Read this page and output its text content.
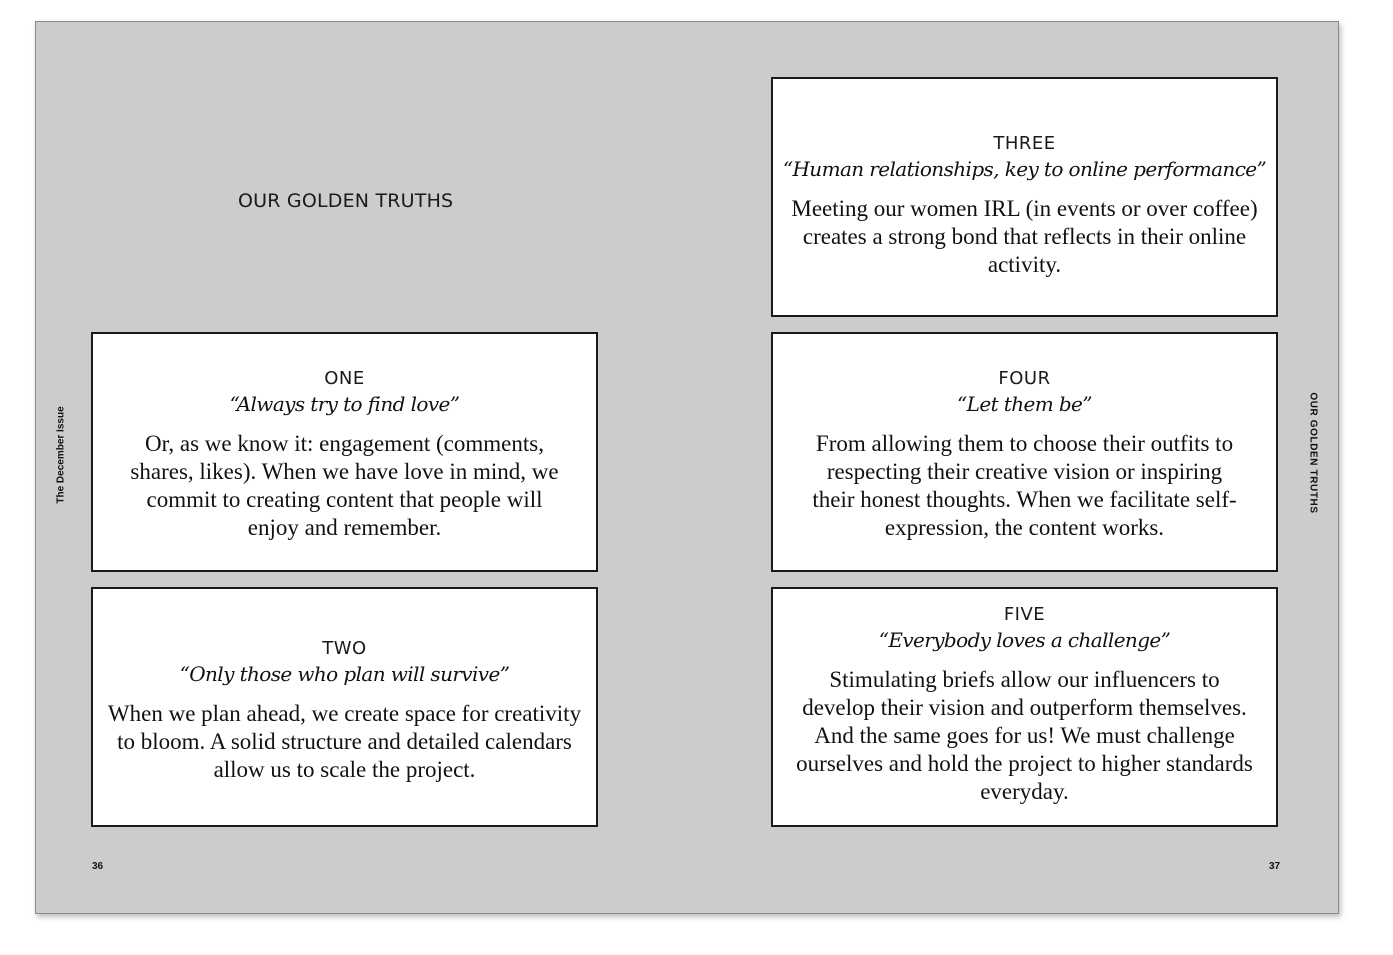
The December Issue	OUR GOLDEN TRUTHS
OUR GOLDEN TRUTHS
ONE
“Always try to find love”
Or, as we know it: engagement (comments, shares, likes). When we have love in mind, we commit to creating content that people will enjoy and remember.
TWO
“Only those who plan will survive”
When we plan ahead, we create space for creativity to bloom. A solid structure and detailed calendars allow us to scale the project.
THREE
“Human relationships, key to online performance”
Meeting our women IRL (in events or over coffee) creates a strong bond that reflects in their online activity.
FOUR
“Let them be”
From allowing them to choose their outfits to respecting their creative vision or inspiring their honest thoughts. When we facilitate self-expression, the content works.
FIVE
“Everybody loves a challenge”
Stimulating briefs allow our influencers to develop their vision and outperform themselves. And the same goes for us! We must challenge ourselves and hold the project to higher standards everyday.
36	37
